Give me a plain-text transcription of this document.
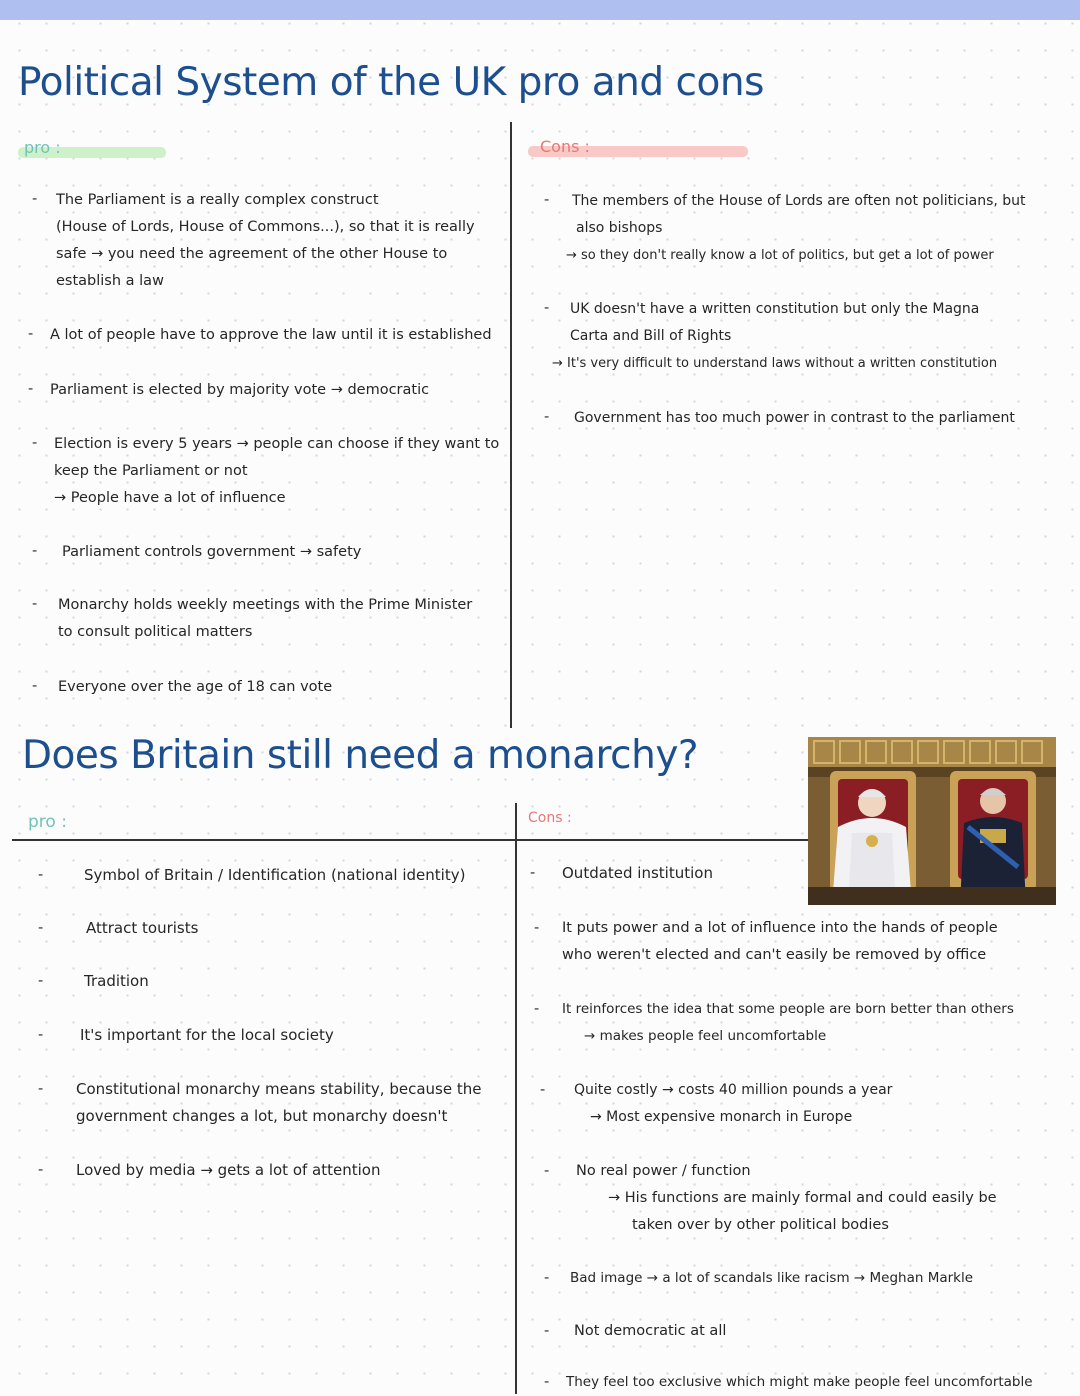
Political System of the UK pro and cons
pro :	Cons :
- The Parliament is a really complex construct
(House of Lords, House of Commons...), so that it is really
safe → you need the agreement of the other House to
establish a law
- A lot of people have to approve the law until it is established
- Parliament is elected by majority vote → democratic
- Election is every 5 years → people can choose if they want to
keep the Parliament or not
→ People have a lot of influence
- Parliament controls government → safety
- Monarchy holds weekly meetings with the Prime Minister
to consult political matters
- Everyone over the age of 18 can vote
- The members of the House of Lords are often not politicians, but
also bishops
→ so they don't really know a lot of politics, but get a lot of power
- UK doesn't have a written constitution but only the Magna
Carta and Bill of Rights
→ It's very difficult to understand laws without a written constitution
- Government has too much power in contrast to the parliament
Does Britain still need a monarchy?
pro :	Cons :
-	Symbol of Britain / Identification (national identity)
-	Attract tourists
-	Tradition
- It's important for the local society
- Constitutional monarchy means stability, because the
government changes a lot, but monarchy doesn't
- Loved by media → gets a lot of attention
- Outdated institution
- It puts power and a lot of influence into the hands of people
who weren't elected and can't easily be removed by office
- It reinforces the idea that some people are born better than others
→ makes people feel uncomfortable
- Quite costly → costs 40 million pounds a year
→ Most expensive monarch in Europe
- No real power / function
→ His functions are mainly formal and could easily be
taken over by other political bodies
- Bad image → a lot of scandals like racism → Meghan Markle
- Not democratic at all
- They feel too exclusive which might make people feel uncomfortable
